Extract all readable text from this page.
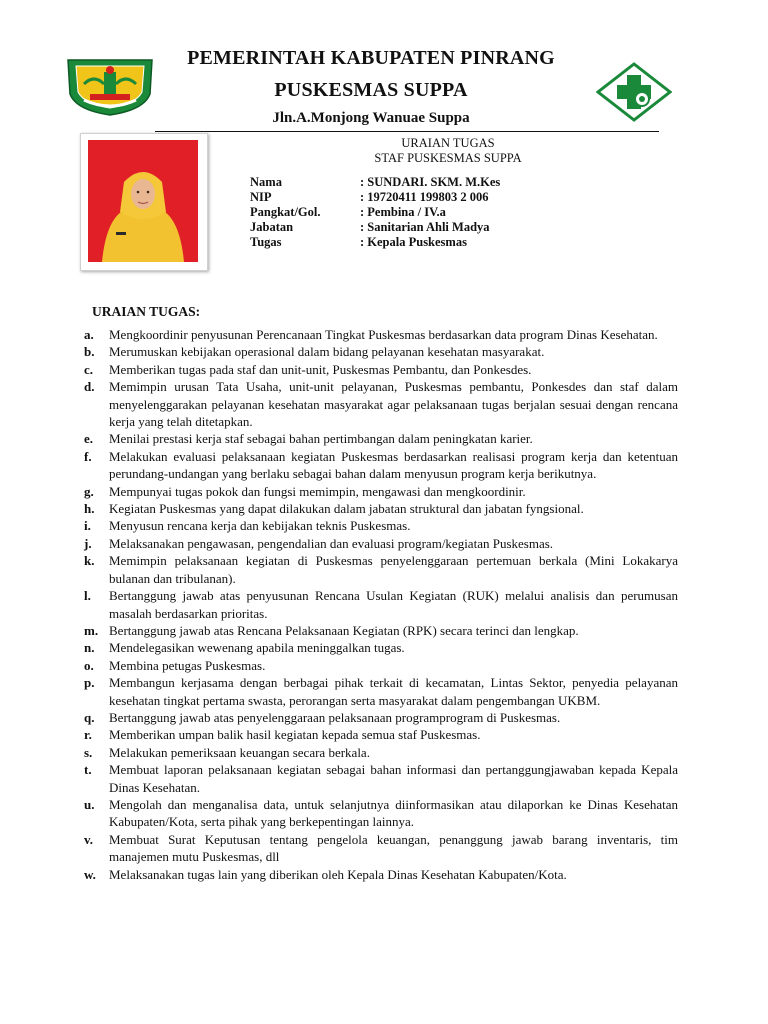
PEMERINTAH KABUPATEN PINRANG
PUSKESMAS SUPPA
Jln.A.Monjong Wanuae Suppa
URAIAN TUGAS
STAF PUSKESMAS SUPPA
Nama	: SUNDARI. SKM. M.Kes
NIP	: 19720411 199803 2 006
Pangkat/Gol.	: Pembina / IV.a
Jabatan	: Sanitarian Ahli Madya
Tugas	: Kepala Puskesmas
URAIAN TUGAS:
a.	Mengkoordinir penyusunan Perencanaan Tingkat Puskesmas berdasarkan data program Dinas Kesehatan.
b.	Merumuskan kebijakan operasional dalam bidang pelayanan kesehatan masyarakat.
c.	Memberikan tugas pada staf dan unit-unit, Puskesmas Pembantu, dan Ponkesdes.
d.	Memimpin urusan Tata Usaha, unit-unit pelayanan, Puskesmas pembantu, Ponkesdes dan staf dalam menyelenggarakan pelayanan kesehatan masyarakat agar pelaksanaan tugas berjalan sesuai dengan rencana kerja yang telah ditetapkan.
e.	Menilai prestasi kerja staf sebagai bahan pertimbangan dalam peningkatan karier.
f.	Melakukan evaluasi pelaksanaan kegiatan Puskesmas berdasarkan realisasi program kerja dan ketentuan perundang-undangan yang berlaku sebagai bahan dalam menyusun program kerja berikutnya.
g.	Mempunyai tugas pokok dan fungsi memimpin, mengawasi dan mengkoordinir.
h.	Kegiatan Puskesmas yang dapat dilakukan dalam jabatan struktural dan jabatan fyngsional.
i.	Menyusun rencana kerja dan kebijakan teknis Puskesmas.
j.	Melaksanakan pengawasan, pengendalian dan evaluasi program/kegiatan Puskesmas.
k.	Memimpin pelaksanaan kegiatan di Puskesmas penyelenggaraan pertemuan berkala (Mini Lokakarya bulanan dan tribulanan).
l.	Bertanggung jawab atas penyusunan Rencana Usulan Kegiatan (RUK) melalui analisis dan perumusan masalah berdasarkan prioritas.
m. Bertanggung jawab atas Rencana Pelaksanaan Kegiatan (RPK) secara terinci dan lengkap.
n.	Mendelegasikan wewenang apabila meninggalkan tugas.
o.	Membina petugas Puskesmas.
p.	Membangun kerjasama dengan berbagai pihak terkait di kecamatan, Lintas Sektor, penyedia pelayanan kesehatan tingkat pertama swasta, perorangan serta masyarakat dalam pengembangan UKBM.
q.	Bertanggung jawab atas penyelenggaraan pelaksanaan programprogram di Puskesmas.
r.	Memberikan umpan balik hasil kegiatan kepada semua staf Puskesmas.
s.	Melakukan pemeriksaan keuangan secara berkala.
t.	Membuat laporan pelaksanaan kegiatan sebagai bahan informasi dan pertanggungjawaban kepada Kepala Dinas Kesehatan.
u.	Mengolah dan menganalisa data, untuk selanjutnya diinformasikan atau dilaporkan ke Dinas Kesehatan Kabupaten/Kota, serta pihak yang berkepentingan lainnya.
v.	Membuat Surat Keputusan tentang pengelola keuangan, penanggung jawab barang inventaris, tim manajemen mutu Puskesmas, dll
w.	Melaksanakan tugas lain yang diberikan oleh Kepala Dinas Kesehatan Kabupaten/Kota.
